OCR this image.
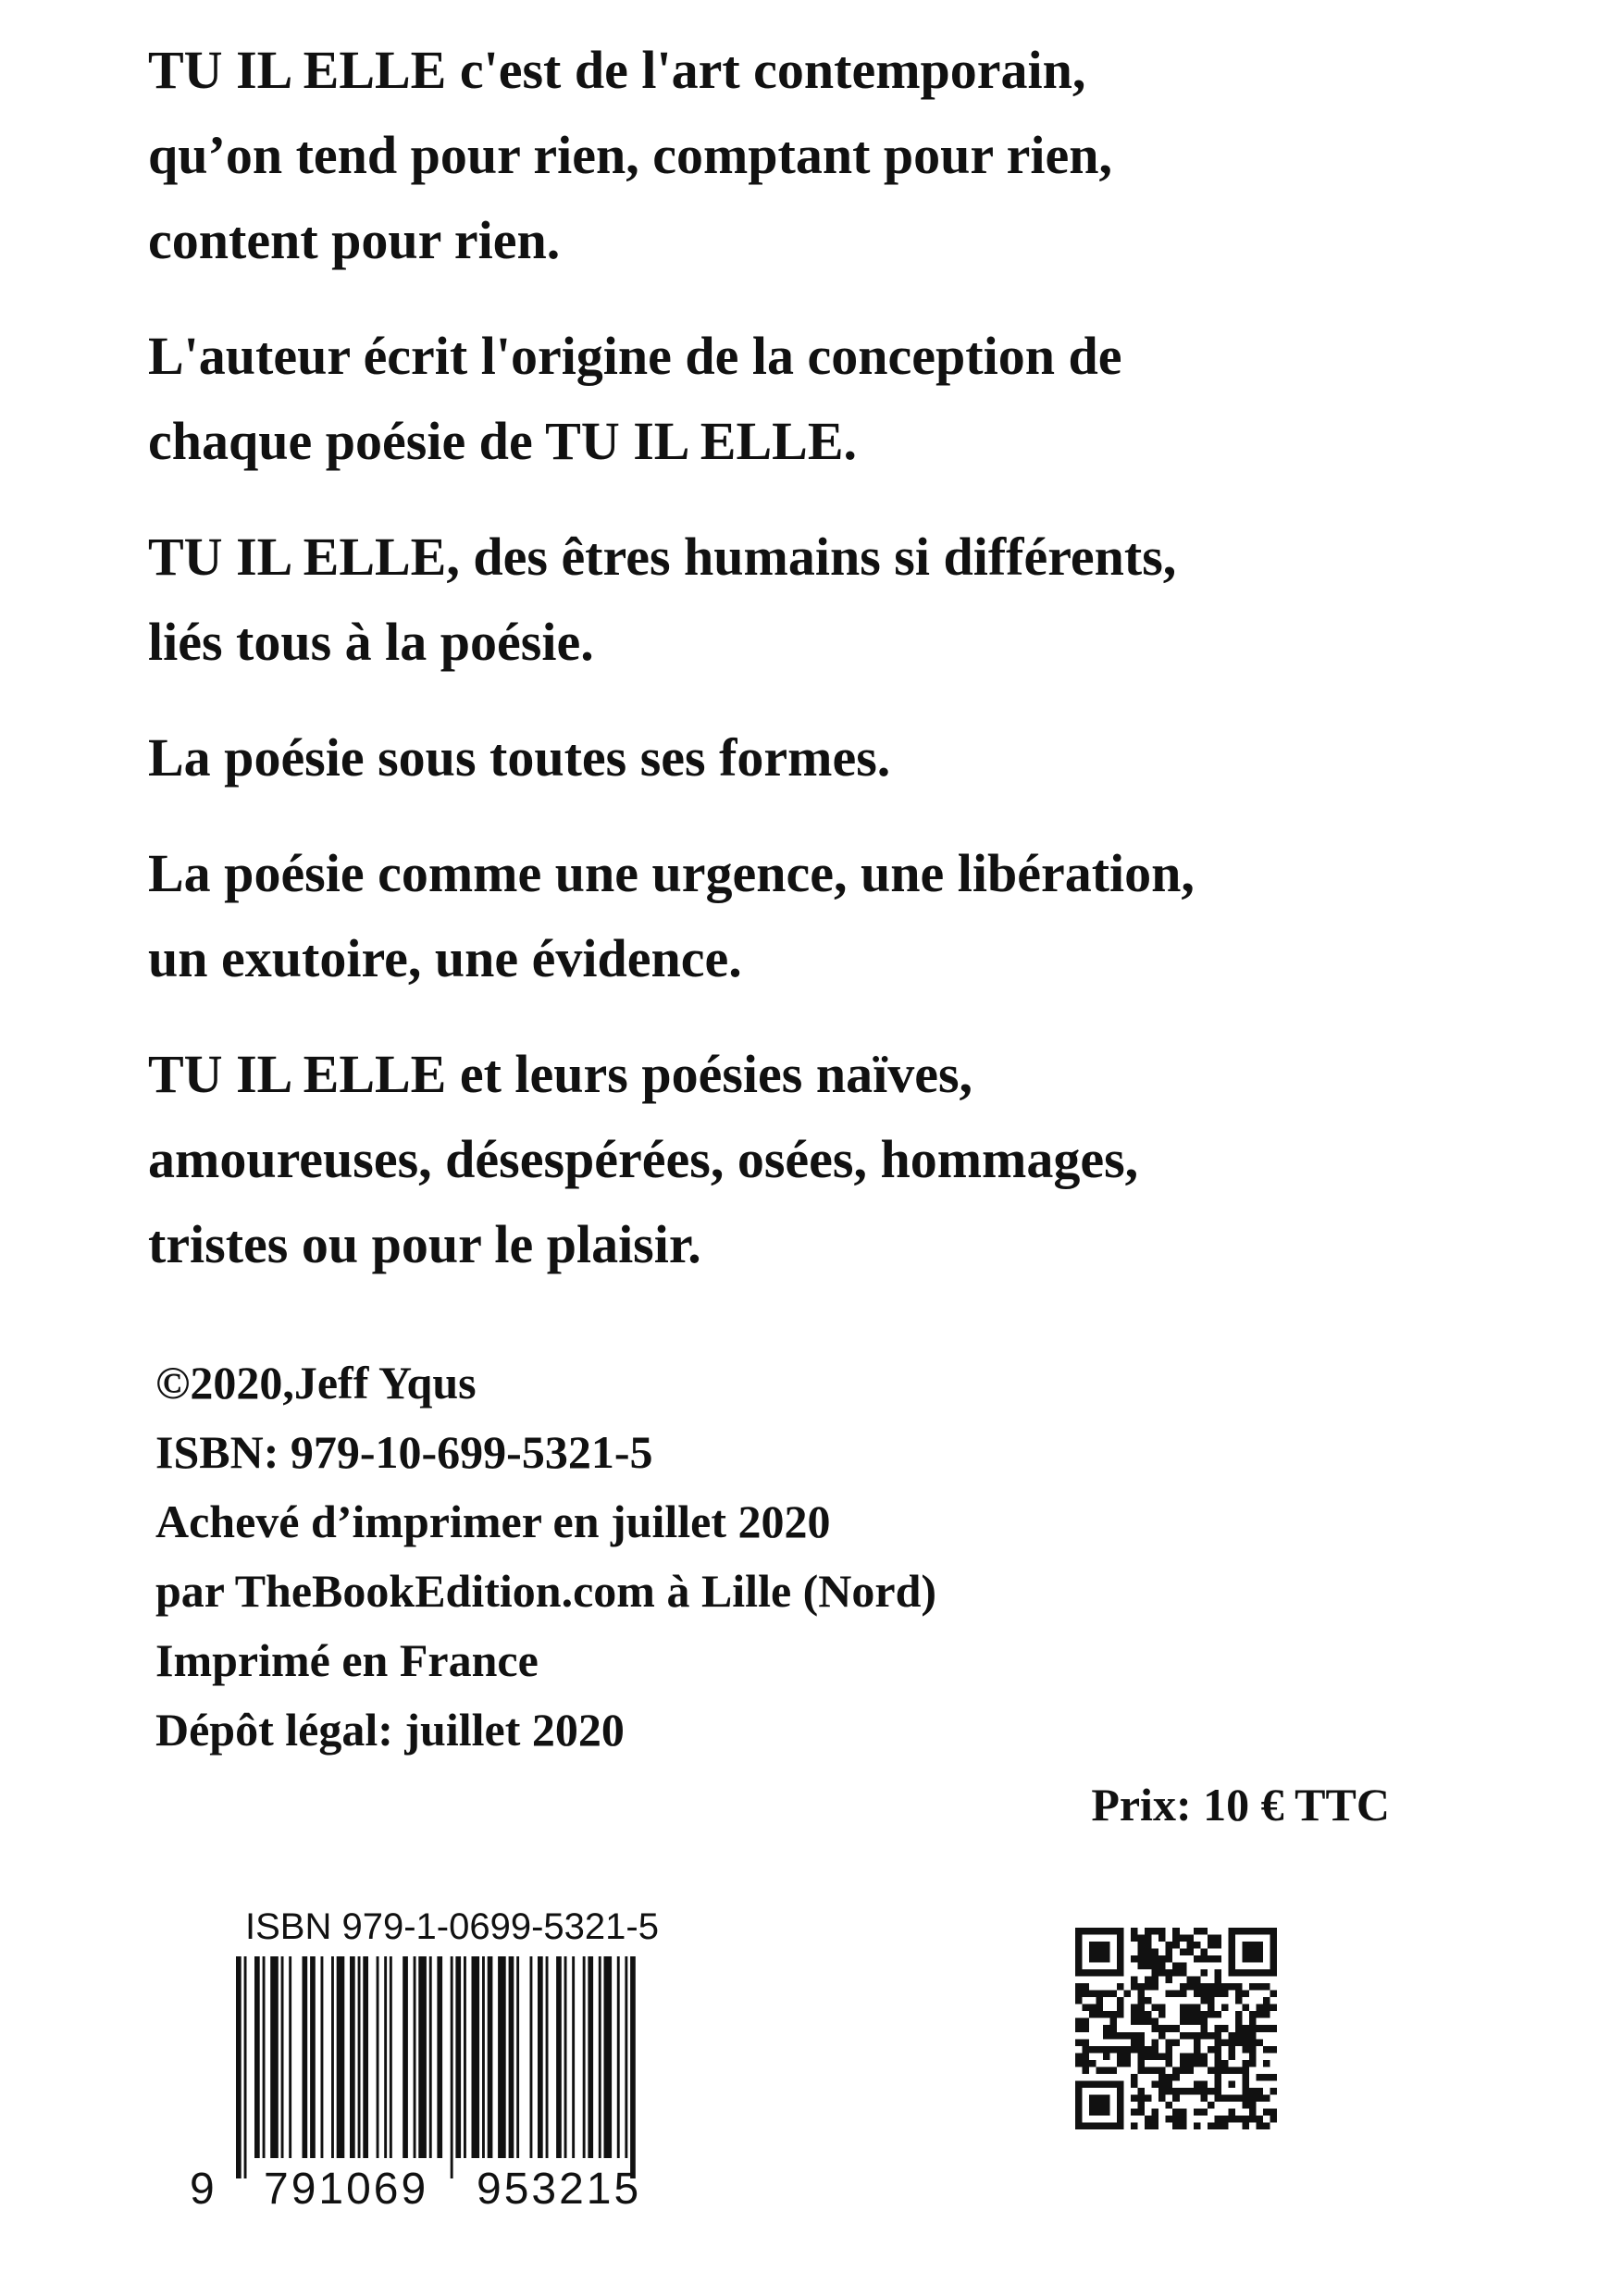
TU IL ELLE c'est de l'art contemporain,
qu’on tend pour rien, comptant pour rien,
content pour rien.

L'auteur écrit l'origine de la conception de
chaque poésie de TU IL ELLE.

TU IL ELLE, des êtres humains si différents,
liés tous à la poésie.

La poésie sous toutes ses formes.

La poésie comme une urgence, une libération,
un exutoire, une évidence.

TU IL ELLE et leurs poésies naïves,
amoureuses, désespérées, osées, hommages,
tristes ou pour le plaisir.

©2020,Jeff Yqus
ISBN: 979-10-699-5321-5
Achevé d’imprimer en juillet 2020
par TheBookEdition.com à Lille (Nord)
Imprimé en France
Dépôt légal: juillet 2020
Prix: 10 € TTC
ISBN 979-1-0699-5321-5
9 791069 953215
